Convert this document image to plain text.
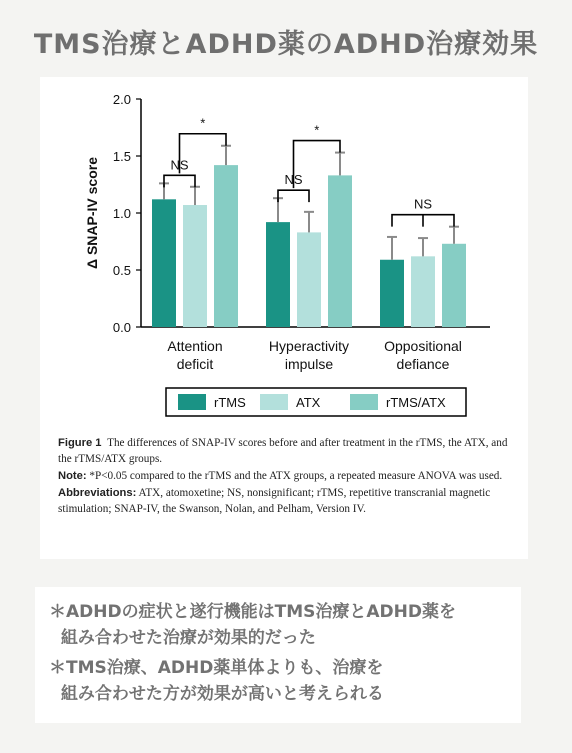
TMS治療とADHD薬のADHD治療効果
0.0
0.5
1.0
1.5
2.0
Δ SNAP-IV score
Attention
deficit
Hyperactivity
impulse
Oppositional
defiance
NS
*
NS
*
NS
rTMS	ATX	rTMS/ATX

Figure 1 The differences of SNAP-IV scores before and after treatment in the rTMS, the ATX, and the rTMS/ATX groups.

Note: *P<0.05 compared to the rTMS and the ATX groups, a repeated measure ANOVA was used.

Abbreviations: ATX, atomoxetine; NS, nonsignificant; rTMS, repetitive transcranial magnetic stimulation; SNAP-IV, the Swanson, Nolan, and Pelham, Version IV.

＊ADHDの症状と遂行機能はTMS治療とADHD薬を
組み合わせた治療が効果的だった
＊TMS治療、ADHD薬単体よりも、治療を
組み合わせた方が効果が高いと考えられる
